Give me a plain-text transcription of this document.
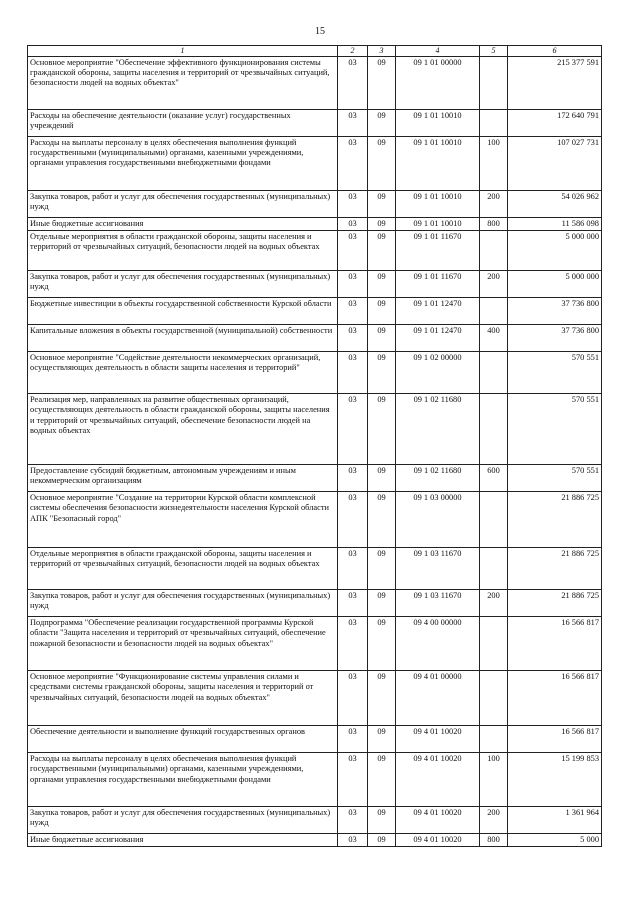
15
1	2	3	4	5	6
Основное мероприятие "Обеспечение эффективного функционирования системы гражданской обороны, защиты населения и территорий от чрезвычайных ситуаций, безопасности людей на водных объектах"	03	09	09 1 01 00000		215 377 591
Расходы на обеспечение деятельности (оказание услуг) государственных учреждений	03	09	09 1 01 10010		172 640 791
Расходы на выплаты персоналу в целях обеспечения выполнения функций государственными (муниципальными) органами, казенными учреждениями, органами управления государственными внебюджетными фондами	03	09	09 1 01 10010	100	107 027 731
Закупка товаров, работ и услуг для обеспечения государственных (муниципальных) нужд	03	09	09 1 01 10010	200	54 026 962
Иные бюджетные ассигнования	03	09	09 1 01 10010	800	11 586 098
Отдельные мероприятия в области гражданской обороны, защиты населения и территорий от чрезвычайных ситуаций, безопасности людей на водных объектах	03	09	09 1 01 11670		5 000 000
Закупка товаров, работ и услуг для обеспечения государственных (муниципальных) нужд	03	09	09 1 01 11670	200	5 000 000
Бюджетные инвестиции в объекты государственной собственности Курской области	03	09	09 1 01 12470		37 736 800
Капитальные вложения в объекты государственной (муниципальной) собственности	03	09	09 1 01 12470	400	37 736 800
Основное мероприятие "Содействие деятельности некоммерческих организаций, осуществляющих деятельность в области защиты населения и территорий"	03	09	09 1 02 00000		570 551
Реализация мер, направленных на развитие общественных организаций, осуществляющих деятельность в области гражданской обороны, защиты населения и территорий от чрезвычайных ситуаций, обеспечение безопасности людей на водных объектах	03	09	09 1 02 11680		570 551
Предоставление субсидий бюджетным, автономным учреждениям и иным некоммерческим организациям	03	09	09 1 02 11680	600	570 551
Основное мероприятие "Создание на территории Курской области комплексной системы обеспечения безопасности жизнедеятельности населения Курской области АПК "Безопасный город"	03	09	09 1 03 00000		21 886 725
Отдельные мероприятия в области гражданской обороны, защиты населения и территорий от чрезвычайных ситуаций, безопасности людей на водных объектах	03	09	09 1 03 11670		21 886 725
Закупка товаров, работ и услуг для обеспечения государственных (муниципальных) нужд	03	09	09 1 03 11670	200	21 886 725
Подпрограмма "Обеспечение реализации государственной программы Курской области "Защита населения и территорий от чрезвычайных ситуаций, обеспечение пожарной безопасности и безопасности людей на водных объектах"	03	09	09 4 00 00000		16 566 817
Основное мероприятие "Функционирование системы управления силами и средствами системы гражданской обороны, защиты населения и территорий от чрезвычайных ситуаций, безопасности людей на водных объектах"	03	09	09 4 01 00000		16 566 817
Обеспечение деятельности и выполнение функций государственных органов	03	09	09 4 01 10020		16 566 817
Расходы на выплаты персоналу в целях обеспечения выполнения функций государственными (муниципальными) органами, казенными учреждениями, органами управления государственными внебюджетными фондами	03	09	09 4 01 10020	100	15 199 853
Закупка товаров, работ и услуг для обеспечения государственных (муниципальных) нужд	03	09	09 4 01 10020	200	1 361 964
Иные бюджетные ассигнования	03	09	09 4 01 10020	800	5 000
